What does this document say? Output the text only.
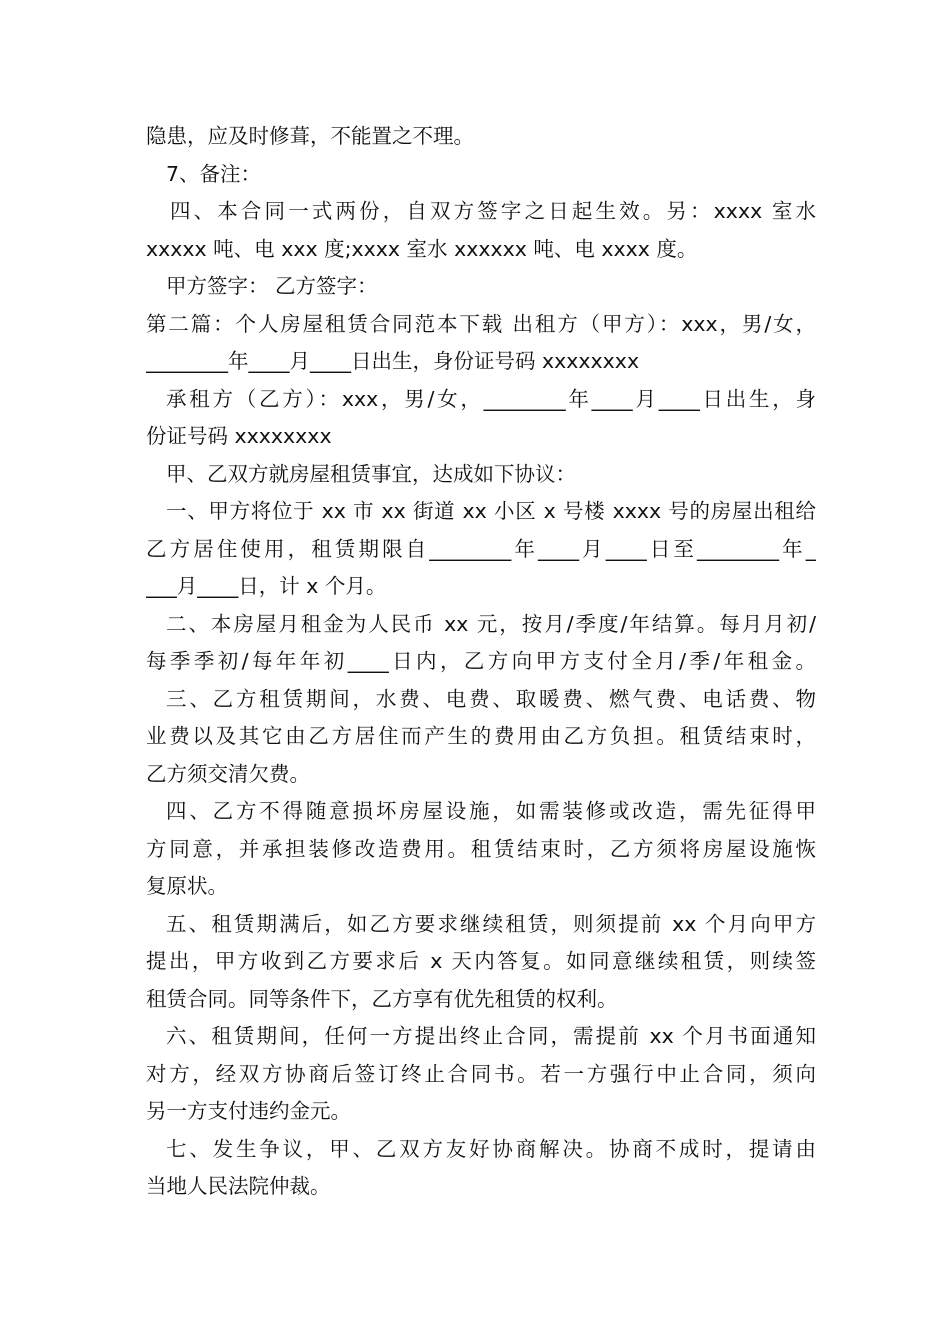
隐患，应及时修葺，不能置之不理。
7、备注：
四、本合同一式两份，自双方签字之日起生效。另：xxxx 室水
xxxxx 吨、电 xxx 度;xxxx 室水 xxxxxx 吨、电 xxxx 度。
甲方签字： 乙方签字：
第二篇：个人房屋租赁合同范本下载 出租方（甲方）：xxx，男/女，
________年____月____日出生，身份证号码 xxxxxxxx
承租方（乙方）：xxx，男/女，________年____月____日出生，身
份证号码 xxxxxxxx
甲、乙双方就房屋租赁事宜，达成如下协议：
一、甲方将位于 xx 市 xx 街道 xx 小区 x 号楼 xxxx 号的房屋出租给
乙方居住使用，租赁期限自________年____月____日至________年_
___月____日，计 x 个月。
二、本房屋月租金为人民币 xx 元，按月/季度/年结算。每月月初/
每季季初/每年年初____日内，乙方向甲方支付全月/季/年租金。
三、乙方租赁期间，水费、电费、取暖费、燃气费、电话费、物
业费以及其它由乙方居住而产生的费用由乙方负担。租赁结束时，
乙方须交清欠费。
四、乙方不得随意损坏房屋设施，如需装修或改造，需先征得甲
方同意，并承担装修改造费用。租赁结束时，乙方须将房屋设施恢
复原状。
五、租赁期满后，如乙方要求继续租赁，则须提前 xx 个月向甲方
提出，甲方收到乙方要求后 x 天内答复。如同意继续租赁，则续签
租赁合同。同等条件下，乙方享有优先租赁的权利。
六、租赁期间，任何一方提出终止合同，需提前 xx 个月书面通知
对方，经双方协商后签订终止合同书。若一方强行中止合同，须向
另一方支付违约金元。
七、发生争议，甲、乙双方友好协商解决。协商不成时，提请由
当地人民法院仲裁。
